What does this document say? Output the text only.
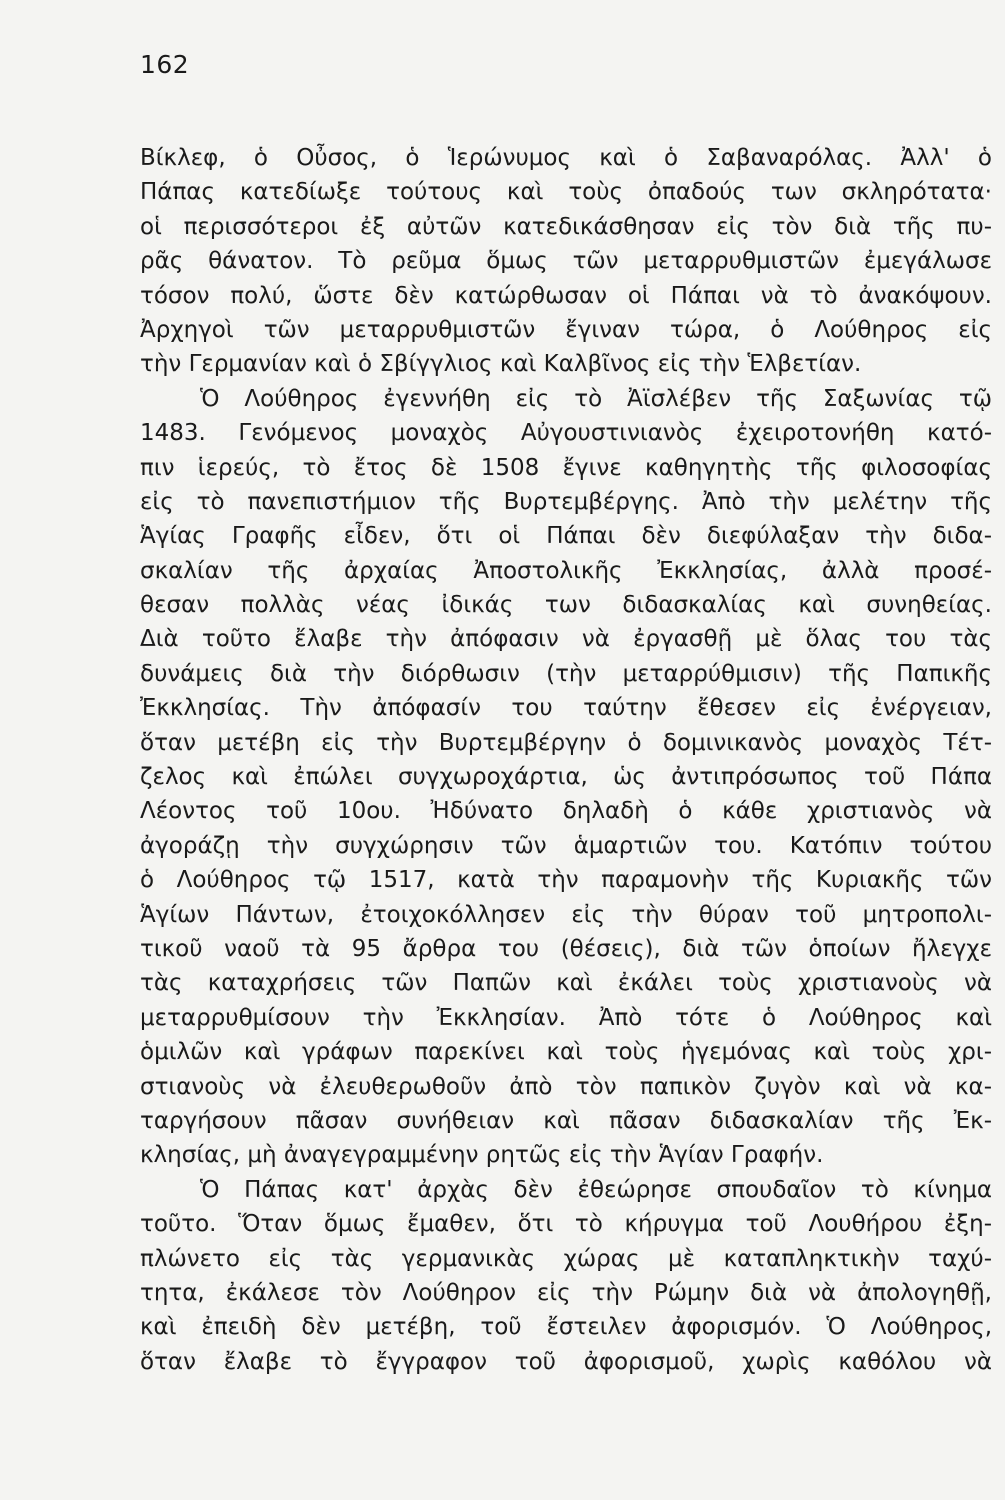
162
Βίκλεφ, ὁ Οὖσος, ὁ Ἱερώνυμος καὶ ὁ Σαβαναρόλας. Ἀλλ' ὁ
Πάπας κατεδίωξε τούτους καὶ τοὺς ὀπαδούς των σκληρότατα·
οἱ περισσότεροι ἐξ αὐτῶν κατεδικάσθησαν εἰς τὸν διὰ τῆς πυ-
ρᾶς θάνατον. Τὸ ρεῦμα ὅμως τῶν μεταρρυθμιστῶν ἐμεγάλωσε
τόσον πολύ, ὥστε δὲν κατώρθωσαν οἱ Πάπαι νὰ τὸ ἀνακόψουν.
Ἀρχηγοὶ τῶν μεταρρυθμιστῶν ἔγιναν τώρα, ὁ Λούθηρος εἰς
τὴν Γερμανίαν καὶ ὁ Σβίγγλιος καὶ Καλβῖνος εἰς τὴν Ἑλβετίαν.
Ὁ Λούθηρος ἐγεννήθη εἰς τὸ Ἀϊσλέβεν τῆς Σαξωνίας τῷ
1483. Γενόμενος μοναχὸς Αὐγουστινιανὸς ἐχειροτονήθη κατό-
πιν ἱερεύς, τὸ ἔτος δὲ 1508 ἔγινε καθηγητὴς τῆς φιλοσοφίας
εἰς τὸ πανεπιστήμιον τῆς Βυρτεμβέργης. Ἀπὸ τὴν μελέτην τῆς
Ἁγίας Γραφῆς εἶδεν, ὅτι οἱ Πάπαι δὲν διεφύλαξαν τὴν διδα-
σκαλίαν τῆς ἀρχαίας Ἀποστολικῆς Ἐκκλησίας, ἀλλὰ προσέ-
θεσαν πολλὰς νέας ἰδικάς των διδασκαλίας καὶ συνηθείας.
Διὰ τοῦτο ἔλαβε τὴν ἀπόφασιν νὰ ἐργασθῇ μὲ ὅλας του τὰς
δυνάμεις διὰ τὴν διόρθωσιν (τὴν μεταρρύθμισιν) τῆς Παπικῆς
Ἐκκλησίας. Τὴν ἀπόφασίν του ταύτην ἔθεσεν εἰς ἐνέργειαν,
ὅταν μετέβη εἰς τὴν Βυρτεμβέργην ὁ δομινικανὸς μοναχὸς Τέτ-
ζελος καὶ ἐπώλει συγχωροχάρτια, ὡς ἀντιπρόσωπος τοῦ Πάπα
Λέοντος τοῦ 10ου. Ἠδύνατο δηλαδὴ ὁ κάθε χριστιανὸς νὰ
ἀγοράζῃ τὴν συγχώρησιν τῶν ἁμαρτιῶν του. Κατόπιν τούτου
ὁ Λούθηρος τῷ 1517, κατὰ τὴν παραμονὴν τῆς Κυριακῆς τῶν
Ἁγίων Πάντων, ἐτοιχοκόλλησεν εἰς τὴν θύραν τοῦ μητροπολι-
τικοῦ ναοῦ τὰ 95 ἄρθρα του (θέσεις), διὰ τῶν ὁποίων ἤλεγχε
τὰς καταχρήσεις τῶν Παπῶν καὶ ἐκάλει τοὺς χριστιανοὺς νὰ
μεταρρυθμίσουν τὴν Ἐκκλησίαν. Ἀπὸ τότε ὁ Λούθηρος καὶ
ὁμιλῶν καὶ γράφων παρεκίνει καὶ τοὺς ἡγεμόνας καὶ τοὺς χρι-
στιανοὺς νὰ ἐλευθερωθοῦν ἀπὸ τὸν παπικὸν ζυγὸν καὶ νὰ κα-
ταργήσουν πᾶσαν συνήθειαν καὶ πᾶσαν διδασκαλίαν τῆς Ἐκ-
κλησίας, μὴ ἀναγεγραμμένην ρητῶς εἰς τὴν Ἁγίαν Γραφήν.
Ὁ Πάπας κατ' ἀρχὰς δὲν ἐθεώρησε σπουδαῖον τὸ κίνημα
τοῦτο. Ὅταν ὅμως ἔμαθεν, ὅτι τὸ κήρυγμα τοῦ Λουθήρου ἐξη-
πλώνετο εἰς τὰς γερμανικὰς χώρας μὲ καταπληκτικὴν ταχύ-
τητα, ἐκάλεσε τὸν Λούθηρον εἰς τὴν Ρώμην διὰ νὰ ἀπολογηθῇ,
καὶ ἐπειδὴ δὲν μετέβη, τοῦ ἔστειλεν ἀφορισμόν. Ὁ Λούθηρος,
ὅταν ἔλαβε τὸ ἔγγραφον τοῦ ἀφορισμοῦ, χωρὶς καθόλου νὰ
